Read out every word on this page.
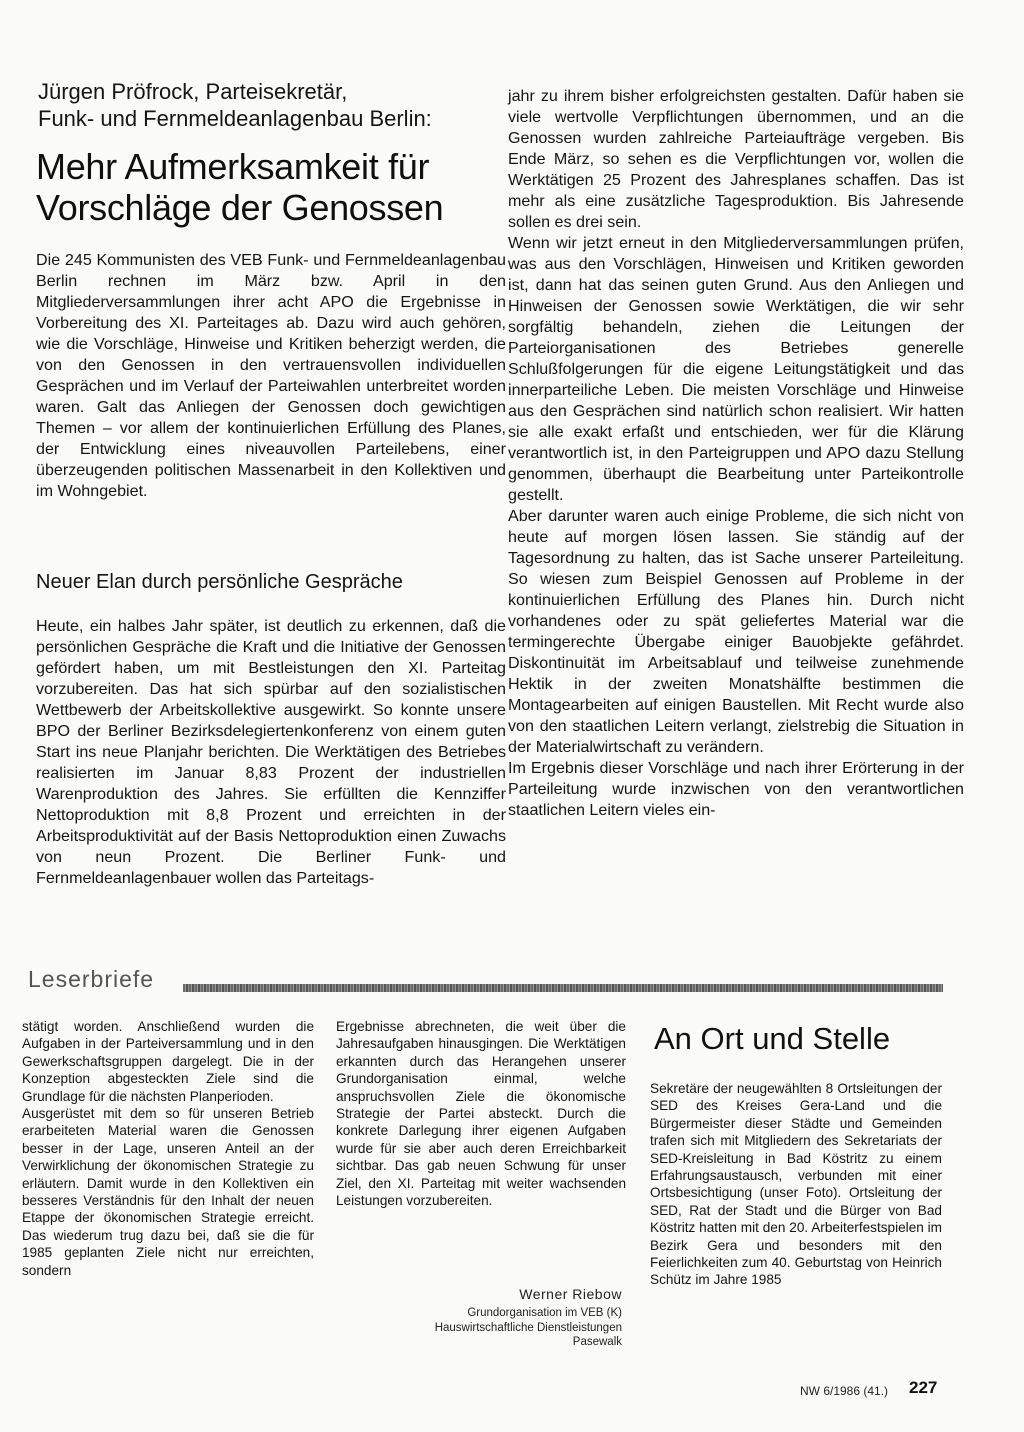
Jürgen Pröfrock, Parteisekretär,
Funk- und Fernmeldeanlagenbau Berlin:
Mehr Aufmerksamkeit für
Vorschläge der Genossen

Die 245 Kommunisten des VEB Funk- und Fernmeldeanlagenbau Berlin rechnen im März bzw. April in den Mitgliederversammlungen ihrer acht APO die Ergebnisse in Vorbereitung des XI. Parteitages ab. Dazu wird auch gehören, wie die Vorschläge, Hinweise und Kritiken beherzigt werden, die von den Genossen in den vertrauensvollen individuellen Gesprächen und im Verlauf der Parteiwahlen unterbreitet worden waren. Galt das Anliegen der Genossen doch gewichtigen Themen – vor allem der kontinuierlichen Erfüllung des Planes, der Entwicklung eines niveauvollen Parteilebens, einer überzeugenden politischen Massenarbeit in den Kollektiven und im Wohngebiet.

Neuer Elan durch persönliche Gespräche

Heute, ein halbes Jahr später, ist deutlich zu erkennen, daß die persönlichen Gespräche die Kraft und die Initiative der Genossen gefördert haben, um mit Bestleistungen den XI. Parteitag vorzubereiten. Das hat sich spürbar auf den sozialistischen Wettbewerb der Arbeitskollektive ausgewirkt. So konnte unsere BPO der Berliner Bezirksdelegiertenkonferenz von einem guten Start ins neue Planjahr berichten. Die Werktätigen des Betriebes realisierten im Januar 8,83 Prozent der industriellen Warenproduktion des Jahres. Sie erfüllten die Kennziffer Nettoproduktion mit 8,8 Prozent und erreichten in der Arbeitsproduktivität auf der Basis Nettoproduktion einen Zuwachs von neun Prozent. Die Berliner Funk- und Fernmeldeanlagenbauer wollen das Parteitags-

jahr zu ihrem bisher erfolgreichsten gestalten. Dafür haben sie viele wertvolle Verpflichtungen übernommen, und an die Genossen wurden zahlreiche Parteiaufträge vergeben. Bis Ende März, so sehen es die Verpflichtungen vor, wollen die Werktätigen 25 Prozent des Jahresplanes schaffen. Das ist mehr als eine zusätzliche Tagesproduktion. Bis Jahresende sollen es drei sein.

Wenn wir jetzt erneut in den Mitgliederversammlungen prüfen, was aus den Vorschlägen, Hinweisen und Kritiken geworden ist, dann hat das seinen guten Grund. Aus den Anliegen und Hinweisen der Genossen sowie Werktätigen, die wir sehr sorgfältig behandeln, ziehen die Leitungen der Parteiorganisationen des Betriebes generelle Schlußfolgerungen für die eigene Leitungstätigkeit und das innerparteiliche Leben. Die meisten Vorschläge und Hinweise aus den Gesprächen sind natürlich schon realisiert. Wir hatten sie alle exakt erfaßt und entschieden, wer für die Klärung verantwortlich ist, in den Parteigruppen und APO dazu Stellung genommen, überhaupt die Bearbeitung unter Parteikontrolle gestellt.

Aber darunter waren auch einige Probleme, die sich nicht von heute auf morgen lösen lassen. Sie ständig auf der Tagesordnung zu halten, das ist Sache unserer Parteileitung. So wiesen zum Beispiel Genossen auf Probleme in der kontinuierlichen Erfüllung des Planes hin. Durch nicht vorhandenes oder zu spät geliefertes Material war die termingerechte Übergabe einiger Bauobjekte gefährdet. Diskontinuität im Arbeitsablauf und teilweise zunehmende Hektik in der zweiten Monatshälfte bestimmen die Montagearbeiten auf einigen Baustellen. Mit Recht wurde also von den staatlichen Leitern verlangt, zielstrebig die Situation in der Materialwirtschaft zu verändern.

Im Ergebnis dieser Vorschläge und nach ihrer Erörterung in der Parteileitung wurde inzwischen von den verantwortlichen staatlichen Leitern vieles ein-

Leserbriefe

stätigt worden. Anschließend wurden die Aufgaben in der Parteiversammlung und in den Gewerkschaftsgruppen dargelegt. Die in der Konzeption abgesteckten Ziele sind die Grundlage für die nächsten Planperioden.

Ausgerüstet mit dem so für unseren Betrieb erarbeiteten Material waren die Genossen besser in der Lage, unseren Anteil an der Verwirklichung der ökonomischen Strategie zu erläutern. Damit wurde in den Kollektiven ein besseres Verständnis für den Inhalt der neuen Etappe der ökonomischen Strategie erreicht. Das wiederum trug dazu bei, daß sie die für 1985 geplanten Ziele nicht nur erreichten, sondern

Ergebnisse abrechneten, die weit über die Jahresaufgaben hinausgingen. Die Werktätigen erkannten durch das Herangehen unserer Grundorganisation einmal, welche anspruchsvollen Ziele die ökonomische Strategie der Partei absteckt. Durch die konkrete Darlegung ihrer eigenen Aufgaben wurde für sie aber auch deren Erreichbarkeit sichtbar. Das gab neuen Schwung für unser Ziel, den XI. Parteitag mit weiter wachsenden Leistungen vorzubereiten.

Werner Riebow
Grundorganisation im VEB (K)
Hauswirtschaftliche Dienstleistungen
Pasewalk
An Ort und Stelle

Sekretäre der neugewählten 8 Ortsleitungen der SED des Kreises Gera-Land und die Bürgermeister dieser Städte und Gemeinden trafen sich mit Mitgliedern des Sekretariats der SED-Kreisleitung in Bad Köstritz zu einem Erfahrungsaustausch, verbunden mit einer Ortsbesichtigung (unser Foto). Ortsleitung der SED, Rat der Stadt und die Bürger von Bad Köstritz hatten mit den 20. Arbeiterfestspielen im Bezirk Gera und besonders mit den Feierlichkeiten zum 40. Geburtstag von Heinrich Schütz im Jahre 1985

NW 6/1986 (41.) 227
